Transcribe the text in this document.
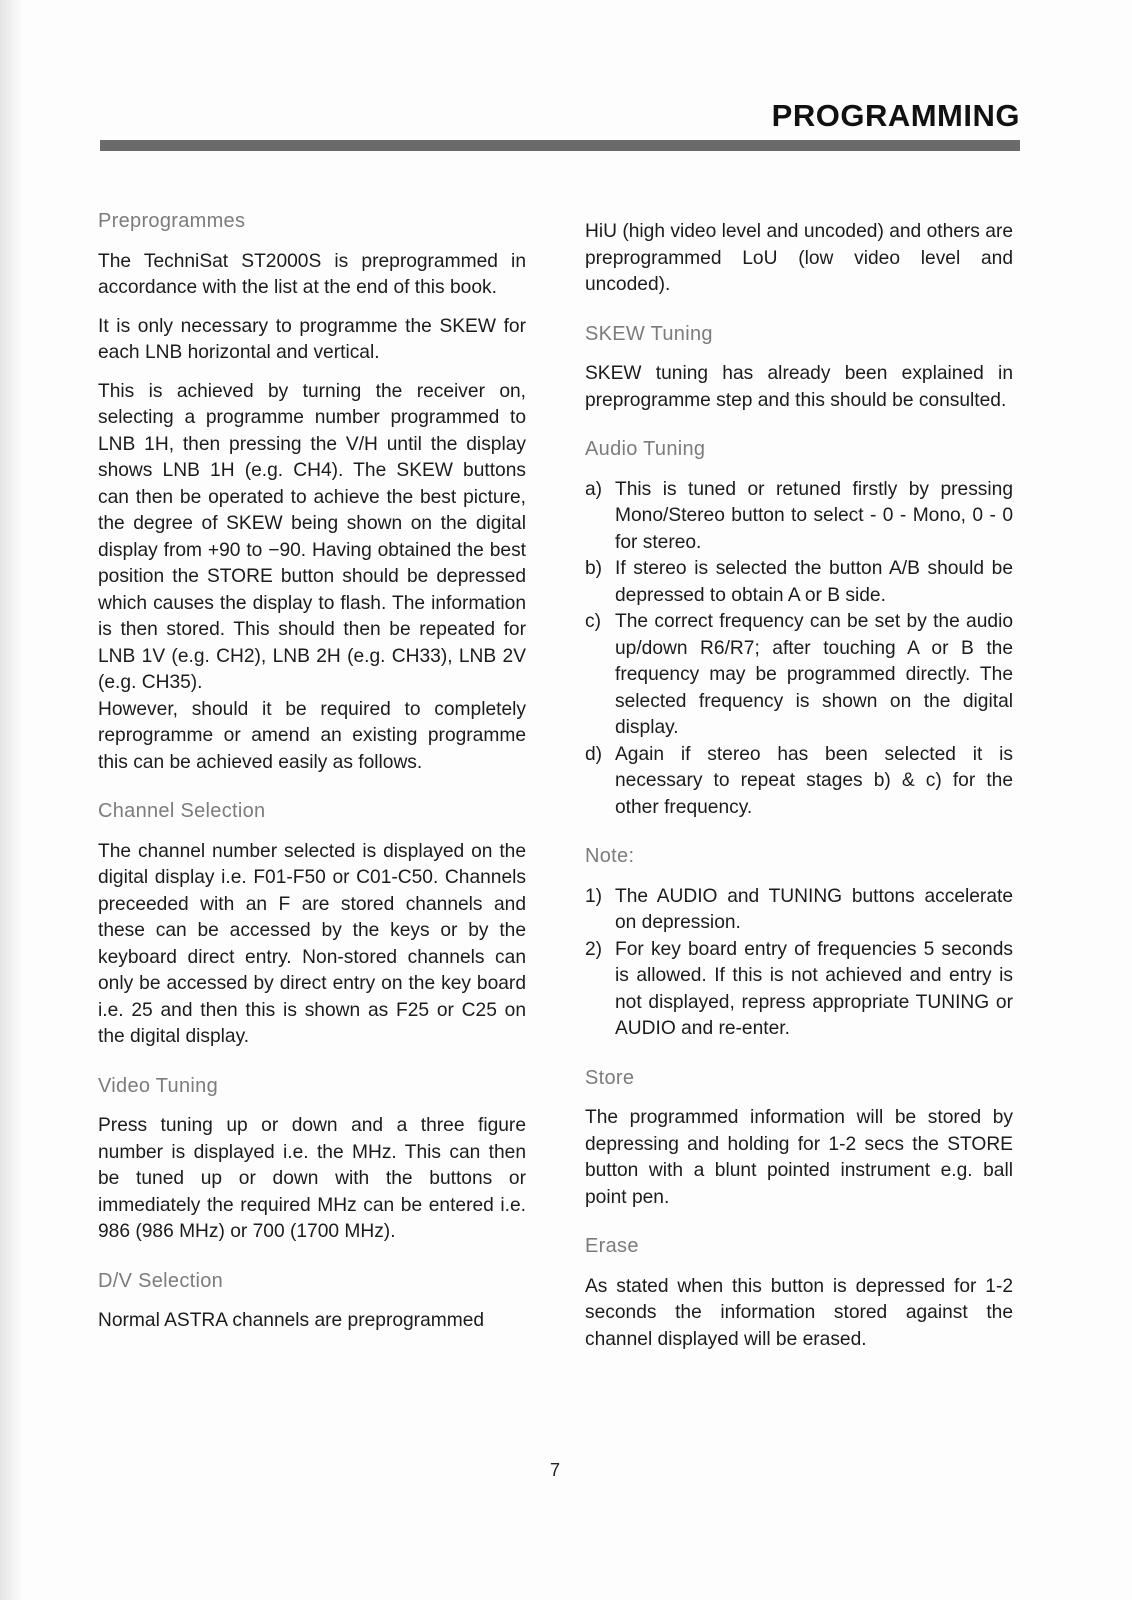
PROGRAMMING
Preprogrammes

The TechniSat ST2000S is preprogrammed in accordance with the list at the end of this book.

It is only necessary to programme the SKEW for each LNB horizontal and vertical.

This is achieved by turning the receiver on, selecting a programme number programmed to LNB 1H, then pressing the V/H until the display shows LNB 1H (e.g. CH4). The SKEW buttons can then be operated to achieve the best picture, the degree of SKEW being shown on the digital display from +90 to −90. Having obtained the best position the STORE button should be depressed which causes the display to flash. The information is then stored. This should then be repeated for LNB 1V (e.g. CH2), LNB 2H (e.g. CH33), LNB 2V (e.g. CH35).

However, should it be required to completely reprogramme or amend an existing programme this can be achieved easily as follows.

Channel Selection

The channel number selected is displayed on the digital display i.e. F01-F50 or C01-C50. Channels preceeded with an F are stored channels and these can be accessed by the keys or by the keyboard direct entry. Non-stored channels can only be accessed by direct entry on the key board i.e. 25 and then this is shown as F25 or C25 on the digital display.

Video Tuning

Press tuning up or down and a three figure number is displayed i.e. the MHz. This can then be tuned up or down with the buttons or immediately the required MHz can be entered i.e. 986 (986 MHz) or 700 (1700 MHz).

D/V Selection

Normal ASTRA channels are preprogrammed

HiU (high video level and uncoded) and others are preprogrammed LoU (low video level and uncoded).

SKEW Tuning

SKEW tuning has already been explained in preprogramme step and this should be consulted.

Audio Tuning
a) This is tuned or retuned firstly by pressing Mono/Stereo button to select - 0 - Mono, 0 - 0 for stereo.
b) If stereo is selected the button A/B should be depressed to obtain A or B side.
c) The correct frequency can be set by the audio up/down R6/R7; after touching A or B the frequency may be programmed directly. The selected frequency is shown on the digital display.
d) Again if stereo has been selected it is necessary to repeat stages b) & c) for the other frequency.
Note:
1) The AUDIO and TUNING buttons accelerate on depression.
2) For key board entry of frequencies 5 seconds is allowed. If this is not achieved and entry is not displayed, repress appropriate TUNING or AUDIO and re-enter.
Store

The programmed information will be stored by depressing and holding for 1-2 secs the STORE button with a blunt pointed instrument e.g. ball point pen.

Erase

As stated when this button is depressed for 1-2 seconds the information stored against the channel displayed will be erased.

7
